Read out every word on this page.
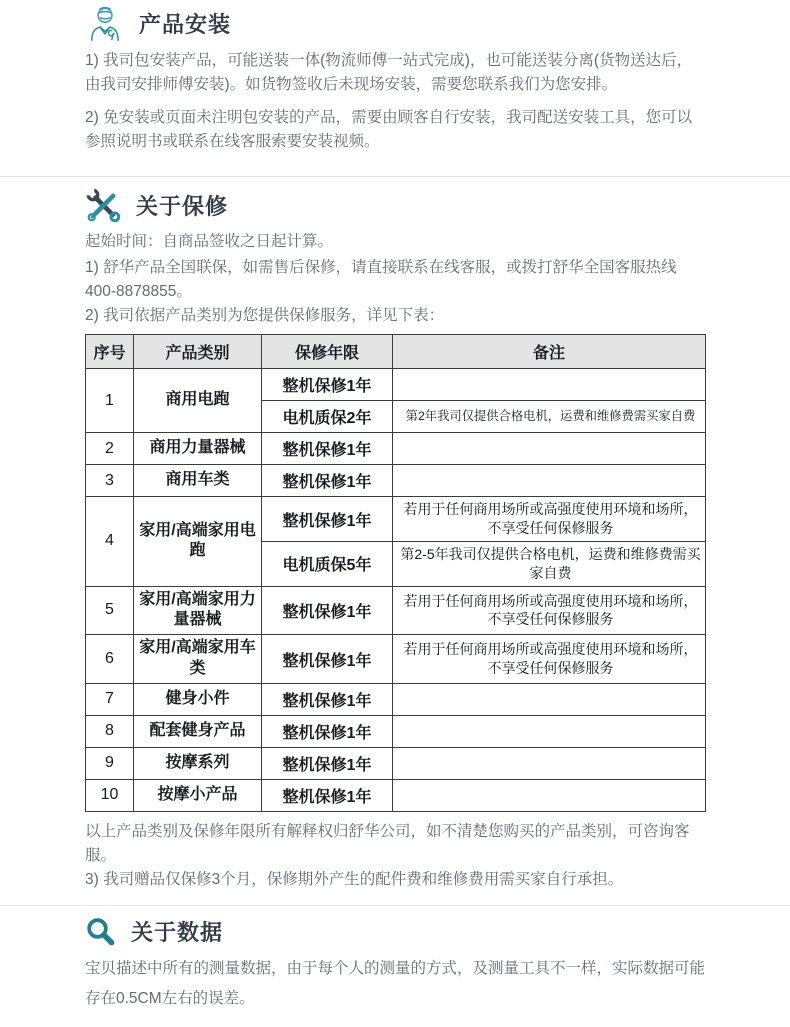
产品安装

1) 我司包安装产品，可能送装一体(物流师傅一站式完成)，也可能送装分离(货物送达后，由我司安排师傅安装)。如货物签收后未现场安装，需要您联系我们为您安排。

2) 免安装或页面未注明包安装的产品，需要由顾客自行安装，我司配送安装工具，您可以参照说明书或联系在线客服索要安装视频。

关于保修

起始时间：自商品签收之日起计算。

1) 舒华产品全国联保，如需售后保修，请直接联系在线客服，或拨打舒华全国客服热线400-8878855。

2) 我司依据产品类别为您提供保修服务，详见下表：

序号	产品类别	保修年限	备注
1	商用电跑	整机保修1年	
		电机质保2年	第2年我司仅提供合格电机，运费和维修费需买家自费
2	商用力量器械	整机保修1年	
3	商用车类	整机保修1年	
4	家用/高端家用电跑	整机保修1年	若用于任何商用场所或高强度使用环境和场所，不享受任何保修服务
		电机质保5年	第2-5年我司仅提供合格电机，运费和维修费需买家自费
5	家用/高端家用力量器械	整机保修1年	若用于任何商用场所或高强度使用环境和场所，不享受任何保修服务
6	家用/高端家用车类	整机保修1年	若用于任何商用场所或高强度使用环境和场所，不享受任何保修服务
7	健身小件	整机保修1年	
8	配套健身产品	整机保修1年	
9	按摩系列	整机保修1年	
10	按摩小产品	整机保修1年	

以上产品类别及保修年限所有解释权归舒华公司，如不清楚您购买的产品类别，可咨询客服。

3) 我司赠品仅保修3个月，保修期外产生的配件费和维修费用需买家自行承担。

关于数据

宝贝描述中所有的测量数据，由于每个人的测量的方式，及测量工具不一样，实际数据可能存在0.5CM左右的误差。
